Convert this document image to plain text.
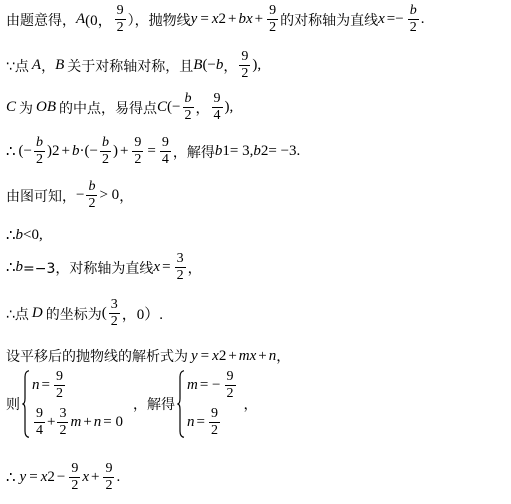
由题意得， A (0， $\frac{9}{2}$ ），抛物线 y = x 2 + bx + $\frac{9}{2}$ 的对称轴为直线 $x =- \frac{b}{2}$ .
∵点 A ， B 关于对称轴对称，且 B (− b ， $\frac{9}{2}$ ),
C 为 OB 的中点，易得点 C (− $\frac{b}{2}$ ， $\frac{9}{4}$ ),
∴ (− $\frac{b}{2}$ ) 2 + b · (− $\frac{b}{2}$ ) + $\frac{9}{2} = \frac{9}{4}$ ，解得 b 1 = 3, b 2 = −3 .
由图可知， − $\frac{b}{2} > 0$ ，
∴ b <0,
∴ b =−3，对称轴为直线 $x = \frac{3}{2}$ ，
∴点 D 的坐标为 ( $\frac{3}{2}$ ，0）.
设平移后的抛物线的解析式为 y = x 2 + mx + n ，
则
$n = \frac{9}{2}$
$\frac{9}{4} + \frac{3}{2}$ m + n = 0
，解得
m = − $\frac{9}{2}$
$n = \frac{9}{2}$
，
∴ y = x $2 - \frac{9}{2}$ $x + \frac{9}{2}$ .
